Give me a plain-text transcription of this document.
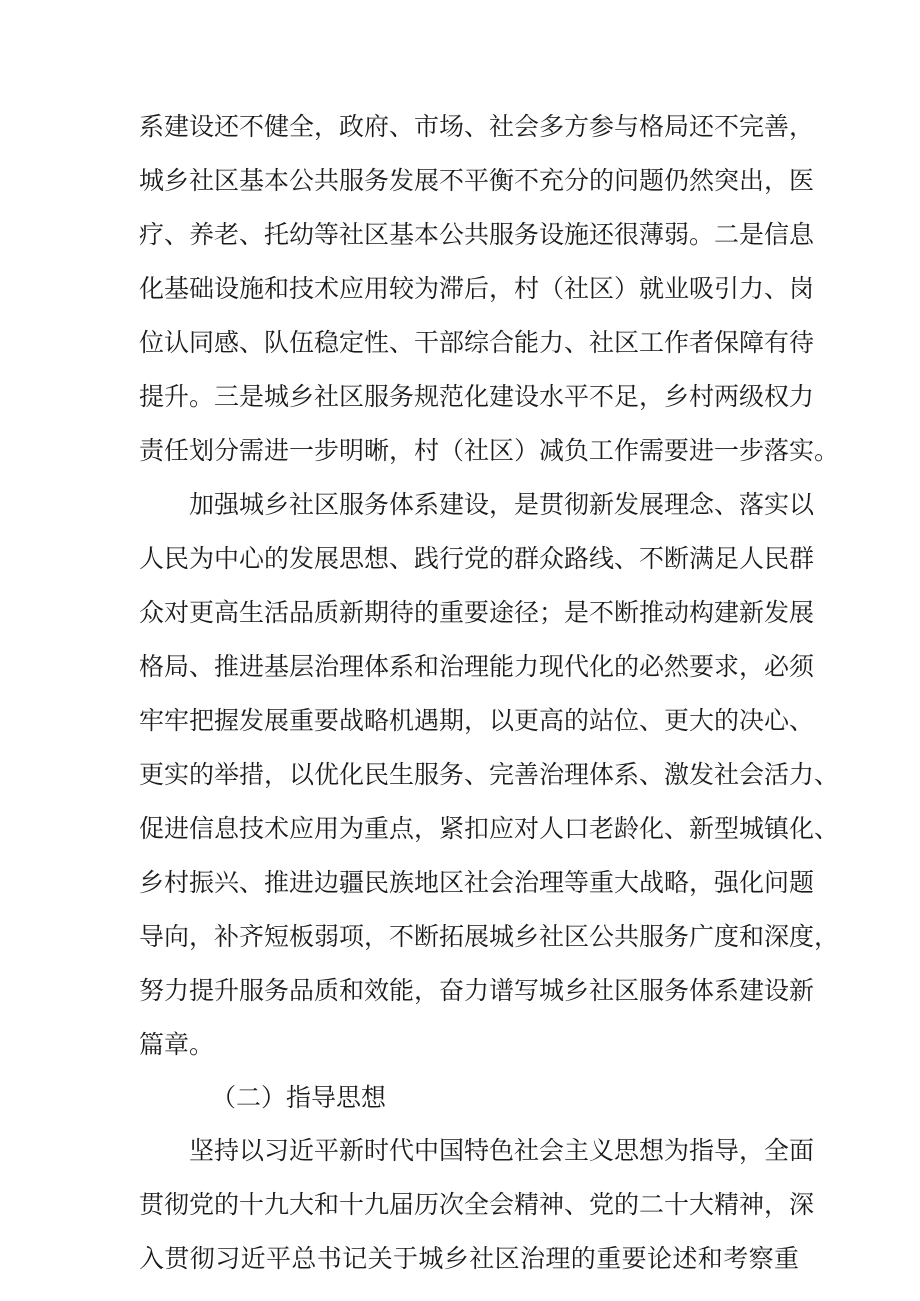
系建设还不健全，政府、市场、社会多方参与格局还不完善，
城乡社区基本公共服务发展不平衡不充分的问题仍然突出，医
疗、养老、托幼等社区基本公共服务设施还很薄弱。二是信息
化基础设施和技术应用较为滞后，村（社区）就业吸引力、岗
位认同感、队伍稳定性、干部综合能力、社区工作者保障有待
提升。三是城乡社区服务规范化建设水平不足，乡村两级权力
责任划分需进一步明晰，村（社区）减负工作需要进一步落实。
加强城乡社区服务体系建设，是贯彻新发展理念、落实以
人民为中心的发展思想、践行党的群众路线、不断满足人民群
众对更高生活品质新期待的重要途径；是不断推动构建新发展
格局、推进基层治理体系和治理能力现代化的必然要求，必须
牢牢把握发展重要战略机遇期，以更高的站位、更大的决心、
更实的举措，以优化民生服务、完善治理体系、激发社会活力、
促进信息技术应用为重点，紧扣应对人口老龄化、新型城镇化、
乡村振兴、推进边疆民族地区社会治理等重大战略，强化问题
导向，补齐短板弱项，不断拓展城乡社区公共服务广度和深度，
努力提升服务品质和效能，奋力谱写城乡社区服务体系建设新
篇章。
（二）指导思想
坚持以习近平新时代中国特色社会主义思想为指导，全面
贯彻党的十九大和十九届历次全会精神、党的二十大精神，深
入贯彻习近平总书记关于城乡社区治理的重要论述和考察重
